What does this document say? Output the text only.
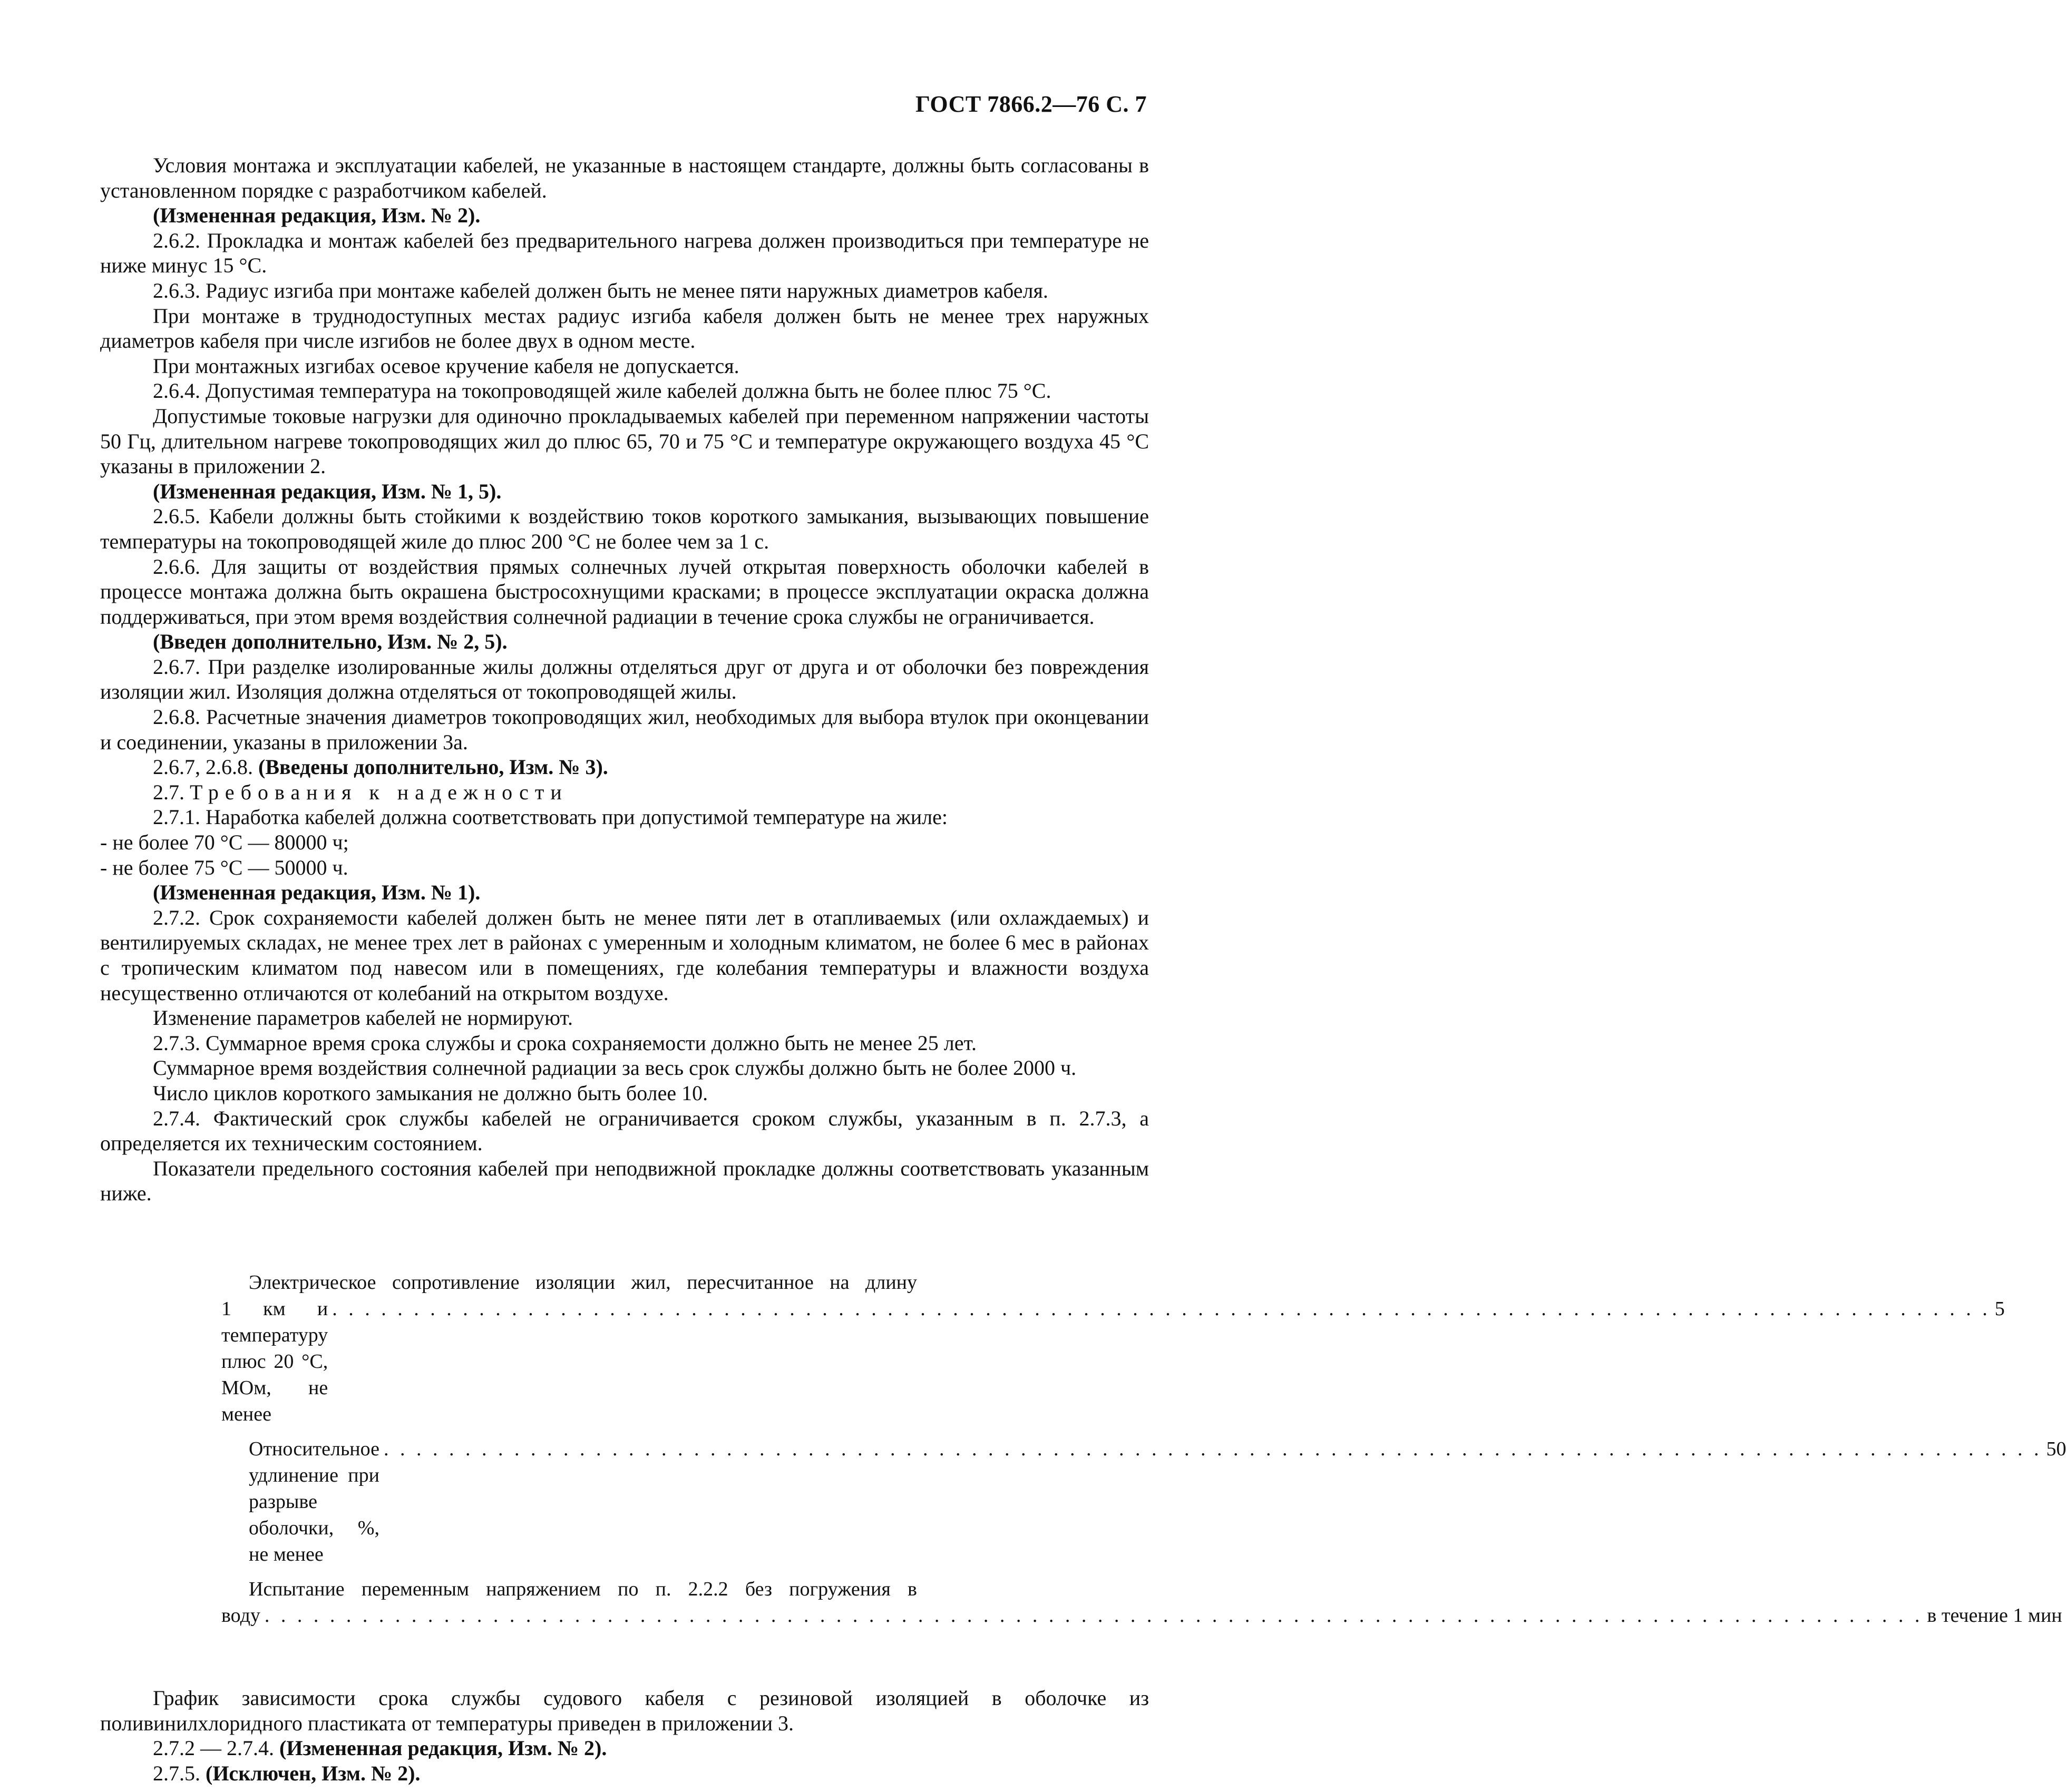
ГОСТ 7866.2—76 С. 7

Условия монтажа и эксплуатации кабелей, не указанные в настоящем стандарте, должны быть согласованы в установленном порядке с разработчиком кабелей.

(Измененная редакция, Изм. № 2).

2.6.2. Прокладка и монтаж кабелей без предварительного нагрева должен производиться при температуре не ниже минус 15 °С.

2.6.3. Радиус изгиба при монтаже кабелей должен быть не менее пяти наружных диаметров кабеля.

При монтаже в труднодоступных местах радиус изгиба кабеля должен быть не менее трех наружных диаметров кабеля при числе изгибов не более двух в одном месте.

При монтажных изгибах осевое кручение кабеля не допускается.

2.6.4. Допустимая температура на токопроводящей жиле кабелей должна быть не более плюс 75 °С.

Допустимые токовые нагрузки для одиночно прокладываемых кабелей при переменном напряжении частоты 50 Гц, длительном нагреве токопроводящих жил до плюс 65, 70 и 75 °С и температуре окружающего воздуха 45 °С указаны в приложении 2.

(Измененная редакция, Изм. № 1, 5).

2.6.5. Кабели должны быть стойкими к воздействию токов короткого замыкания, вызывающих повышение температуры на токопроводящей жиле до плюс 200 °С не более чем за 1 с.

2.6.6. Для защиты от воздействия прямых солнечных лучей открытая поверхность оболочки кабелей в процессе монтажа должна быть окрашена быстросохнущими красками; в процессе эксплуатации окраска должна поддерживаться, при этом время воздействия солнечной радиации в течение срока службы не ограничивается.

(Введен дополнительно, Изм. № 2, 5).

2.6.7. При разделке изолированные жилы должны отделяться друг от друга и от оболочки без повреждения изоляции жил. Изоляция должна отделяться от токопроводящей жилы.

2.6.8. Расчетные значения диаметров токопроводящих жил, необходимых для выбора втулок при оконцевании и соединении, указаны в приложении 3а.

2.6.7, 2.6.8. (Введены дополнительно, Изм. № 3).

2.7. Требования к надежности

2.7.1. Наработка кабелей должна соответствовать при допустимой температуре на жиле:

- не более 70 °С — 80000 ч;

- не более 75 °С — 50000 ч.

(Измененная редакция, Изм. № 1).

2.7.2. Срок сохраняемости кабелей должен быть не менее пяти лет в отапливаемых (или охлаждаемых) и вентилируемых складах, не менее трех лет в районах с умеренным и холодным климатом, не более 6 мес в районах с тропическим климатом под навесом или в помещениях, где колебания температуры и влажности воздуха несущественно отличаются от колебаний на открытом воздухе.

Изменение параметров кабелей не нормируют.

2.7.3. Суммарное время срока службы и срока сохраняемости должно быть не менее 25 лет.

Суммарное время воздействия солнечной радиации за весь срок службы должно быть не более 2000 ч.

Число циклов короткого замыкания не должно быть более 10.

2.7.4. Фактический срок службы кабелей не ограничивается сроком службы, указанным в п. 2.7.3, а определяется их техническим состоянием.

Показатели предельного состояния кабелей при неподвижной прокладке должны соответствовать указанным ниже.

Электрическое сопротивление изоляции жил, пересчитанное на длину
1 км и температуру плюс 20 °С, МОм, не менее
. . . . . . . . . . . . . . . . . . . . . . . . . . . . . . . . . . . . . . . . . . . . . . . . . . . . . . . . . . . . . . . . . . . . . . . . . . . . . . . . . . . . . . . . . . . . . . . . . . . . . . 5
Относительное удлинение при разрыве оболочки, %, не менее
. . . . . . . . . . . . . . . . . . . . . . . . . . . . . . . . . . . . . . . . . . . . . . . . . . . . . . . . . . . . . . . . . . . . . . . . . . . . . . . . . . . . . . . . . . . . . . . . . . . . . . 50
Испытание переменным напряжением по п. 2.2.2 без погружения в
воду . . . . . . . . . . . . . . . . . . . . . . . . . . . . . . . . . . . . . . . . . . . . . . . . . . . . . . . . . . . . . . . . . . . . . . . . . . . . . . . . . . . . . . . . . . . . . . . . . . . . . . в течение 1 мин

График зависимости срока службы судового кабеля с резиновой изоляцией в оболочке из поливинилхлоридного пластиката от температуры приведен в приложении 3.

2.7.2 — 2.7.4. (Измененная редакция, Изм. № 2).

2.7.5. (Исключен, Изм. № 2).
